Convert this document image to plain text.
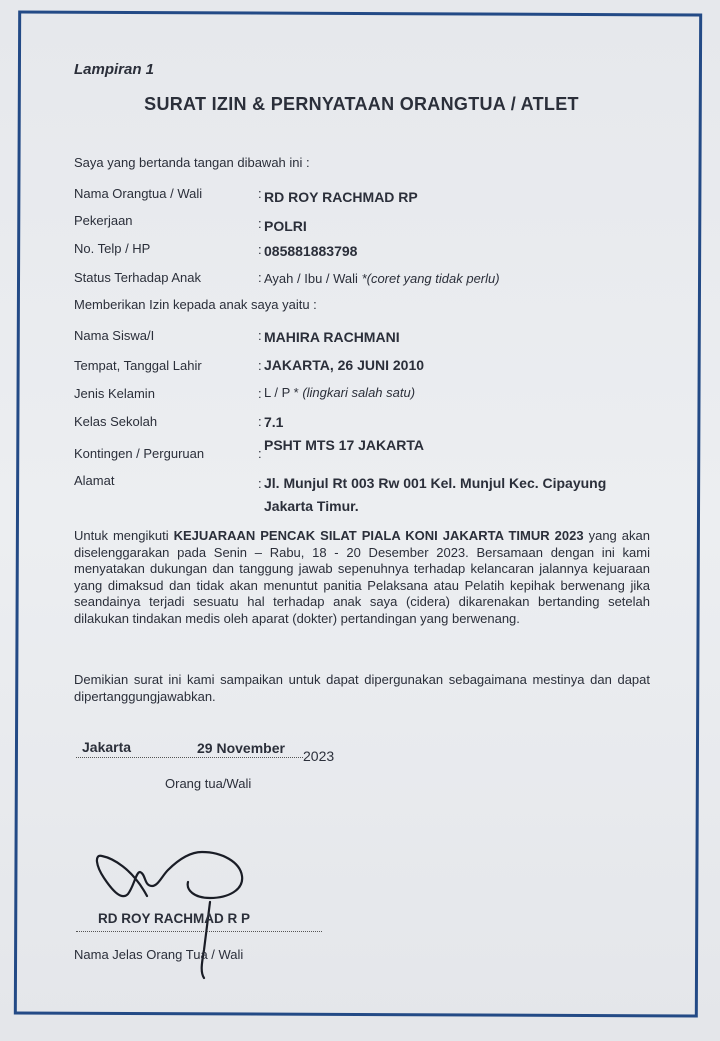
Lampiran 1
SURAT IZIN & PERNYATAAN ORANGTUA / ATLET
Saya yang bertanda tangan dibawah ini :
Nama Orangtua / Wali	: RD ROY RACHMAD RP
Pekerjaan	: POLRI
No. Telp / HP	: 085881883798
Status Terhadap Anak	: Ayah / Ibu / Wali *(coret yang tidak perlu)
Memberikan Izin kepada anak saya yaitu :
Nama Siswa/I	: MAHIRA RACHMANI
Tempat, Tanggal Lahir	: JAKARTA, 26 JUNI 2010
Jenis Kelamin	: L / P * (lingkari salah satu)
Kelas Sekolah	: 7.1
Kontingen / Perguruan	:
PSHT MTS 17 JAKARTA
Alamat	: Jl. Munjul Rt 003 Rw 001 Kel. Munjul Kec. Cipayung
Jakarta Timur.
Untuk mengikuti KEJUARAAN PENCAK SILAT PIALA KONI JAKARTA TIMUR 2023 yang akan diselenggarakan pada Senin – Rabu, 18 - 20 Desember 2023. Bersamaan dengan ini kami menyatakan dukungan dan tanggung jawab sepenuhnya terhadap kelancaran jalannya kejuaraan yang dimaksud dan tidak akan menuntut panitia Pelaksana atau Pelatih kepihak berwenang jika seandainya terjadi sesuatu hal terhadap anak saya (cidera) dikarenakan bertanding setelah dilakukan tindakan medis oleh aparat (dokter) pertandingan yang berwenang.
Demikian surat ini kami sampaikan untuk dapat dipergunakan sebagaimana mestinya dan dapat dipertanggungjawabkan.
Jakarta	29 November 2023
Orang tua/Wali
RD ROY RACHMAD R P
Nama Jelas Orang Tua / Wali
